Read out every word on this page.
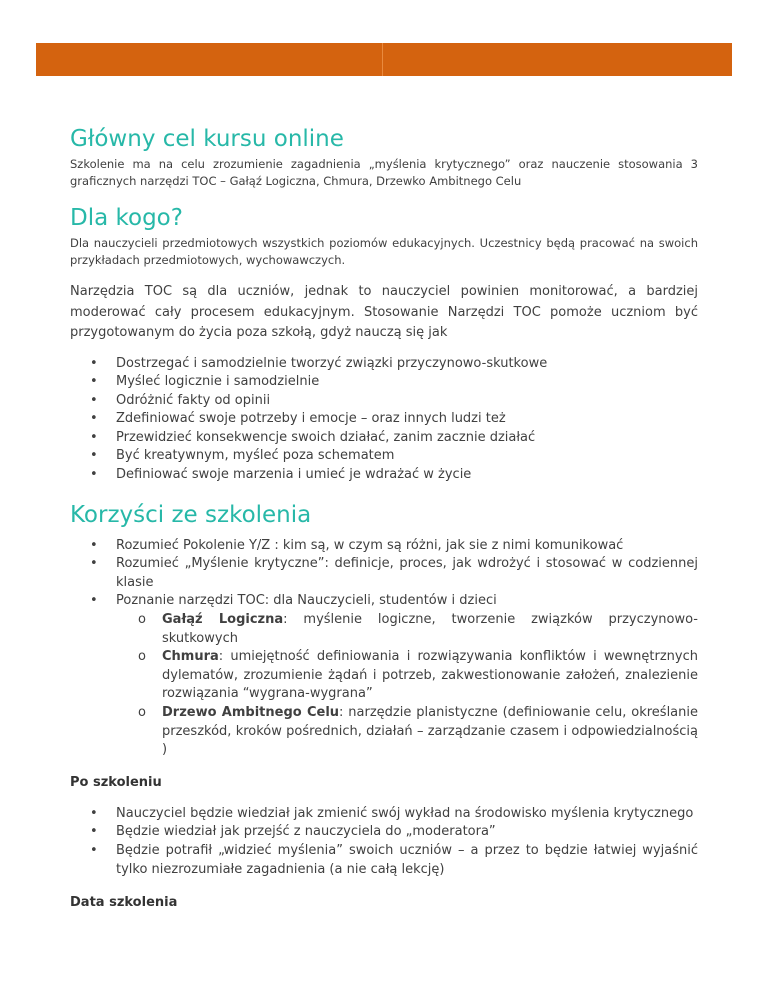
Główny cel kursu online

Szkolenie ma na celu zrozumienie zagadnienia „myślenia krytycznego” oraz nauczenie stosowania 3 graficznych narzędzi TOC – Gałąź Logiczna, Chmura, Drzewko Ambitnego Celu

Dla kogo?

Dla nauczycieli przedmiotowych wszystkich poziomów edukacyjnych. Uczestnicy będą pracować na swoich przykładach przedmiotowych, wychowawczych.

Narzędzia TOC są dla uczniów, jednak to nauczyciel powinien monitorować, a bardziej moderować cały procesem edukacyjnym. Stosowanie Narzędzi TOC pomoże uczniom być przygotowanym do życia poza szkołą, gdyż nauczą się jak

• Dostrzegać i samodzielnie tworzyć związki przyczynowo-skutkowe
• Myśleć logicznie i samodzielnie
• Odróżnić fakty od opinii
• Zdefiniować swoje potrzeby i emocje – oraz innych ludzi też
• Przewidzieć konsekwencje swoich działać, zanim zacznie działać
• Być kreatywnym, myśleć poza schematem
• Definiować swoje marzenia i umieć je wdrażać w życie
Korzyści ze szkolenia
• Rozumieć Pokolenie Y/Z : kim są, w czym są różni, jak sie z nimi komunikować
• Rozumieć „Myślenie krytyczne”: definicje, proces, jak wdrożyć i stosować w codziennej klasie
• Poznanie narzędzi TOC: dla Nauczycieli, studentów i dzieci
o Gałąź Logiczna: myślenie logiczne, tworzenie związków przyczynowo-skutkowych
o Chmura: umiejętność definiowania i rozwiązywania konfliktów i wewnętrznych dylematów, zrozumienie żądań i potrzeb, zakwestionowanie założeń, znalezienie rozwiązania “wygrana-wygrana”
o Drzewo Ambitnego Celu: narzędzie planistyczne (definiowanie celu, określanie przeszkód, kroków pośrednich, działań – zarządzanie czasem i odpowiedzialnością )
Po szkoleniu
• Nauczyciel będzie wiedział jak zmienić swój wykład na środowisko myślenia krytycznego
• Będzie wiedział jak przejść z nauczyciela do „moderatora”
• Będzie potrafił „widzieć myślenia” swoich uczniów – a przez to będzie łatwiej wyjaśnić tylko niezrozumiałe zagadnienia (a nie całą lekcję)
Data szkolenia
